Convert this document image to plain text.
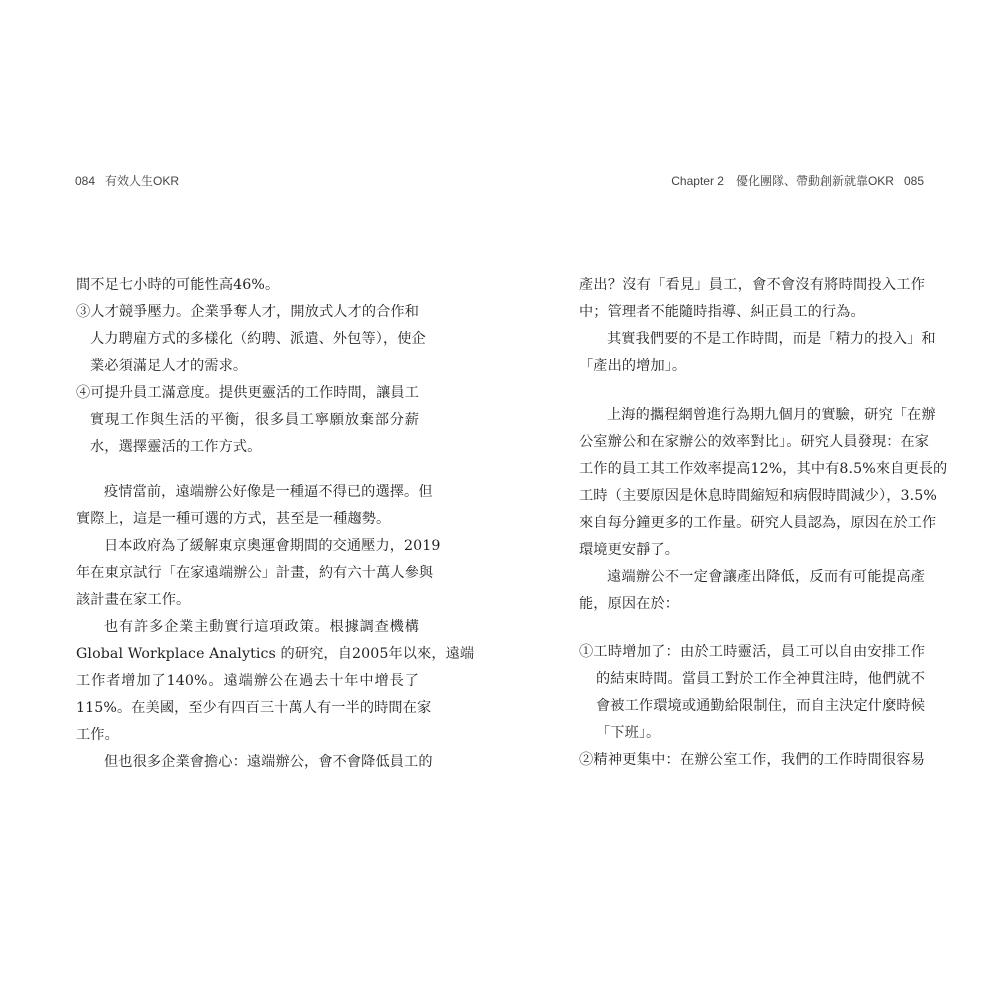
084 有效人生OKR	Chapter 2　優化團隊、帶動創新就靠OKR 085
間不足七小時的可能性高46%。
③人才競爭壓力。企業爭奪人才，開放式人才的合作和
人力聘雇方式的多樣化（約聘、派遣、外包等），使企
業必須滿足人才的需求。
④可提升員工滿意度。提供更靈活的工作時間，讓員工
實現工作與生活的平衡，很多員工寧願放棄部分薪
水，選擇靈活的工作方式。
疫情當前，遠端辦公好像是一種逼不得已的選擇。但
實際上，這是一種可選的方式，甚至是一種趨勢。
日本政府為了緩解東京奧運會期間的交通壓力，2019
年在東京試行「在家遠端辦公」計畫，約有六十萬人參與
該計畫在家工作。
也有許多企業主動實行這項政策。根據調查機構
Global Workplace Analytics 的研究，自2005年以來，遠端
工作者增加了140%。遠端辦公在過去十年中增長了
115%。在美國，至少有四百三十萬人有一半的時間在家
工作。
但也很多企業會擔心：遠端辦公，會不會降低員工的
產出？沒有「看見」員工，會不會沒有將時間投入工作
中；管理者不能隨時指導、糾正員工的行為。
其實我們要的不是工作時間，而是「精力的投入」和
「產出的增加」。
上海的攜程網曾進行為期九個月的實驗，研究「在辦
公室辦公和在家辦公的效率對比」。研究人員發現：在家
工作的員工其工作效率提高12%，其中有8.5%來自更長的
工時（主要原因是休息時間縮短和病假時間減少），3.5%
來自每分鐘更多的工作量。研究人員認為，原因在於工作
環境更安靜了。
遠端辦公不一定會讓產出降低，反而有可能提高產
能，原因在於：
①工時增加了：由於工時靈活，員工可以自由安排工作
的結束時間。當員工對於工作全神貫注時，他們就不
會被工作環境或通勤給限制住，而自主決定什麼時候
「下班」。
②精神更集中：在辦公室工作，我們的工作時間很容易
